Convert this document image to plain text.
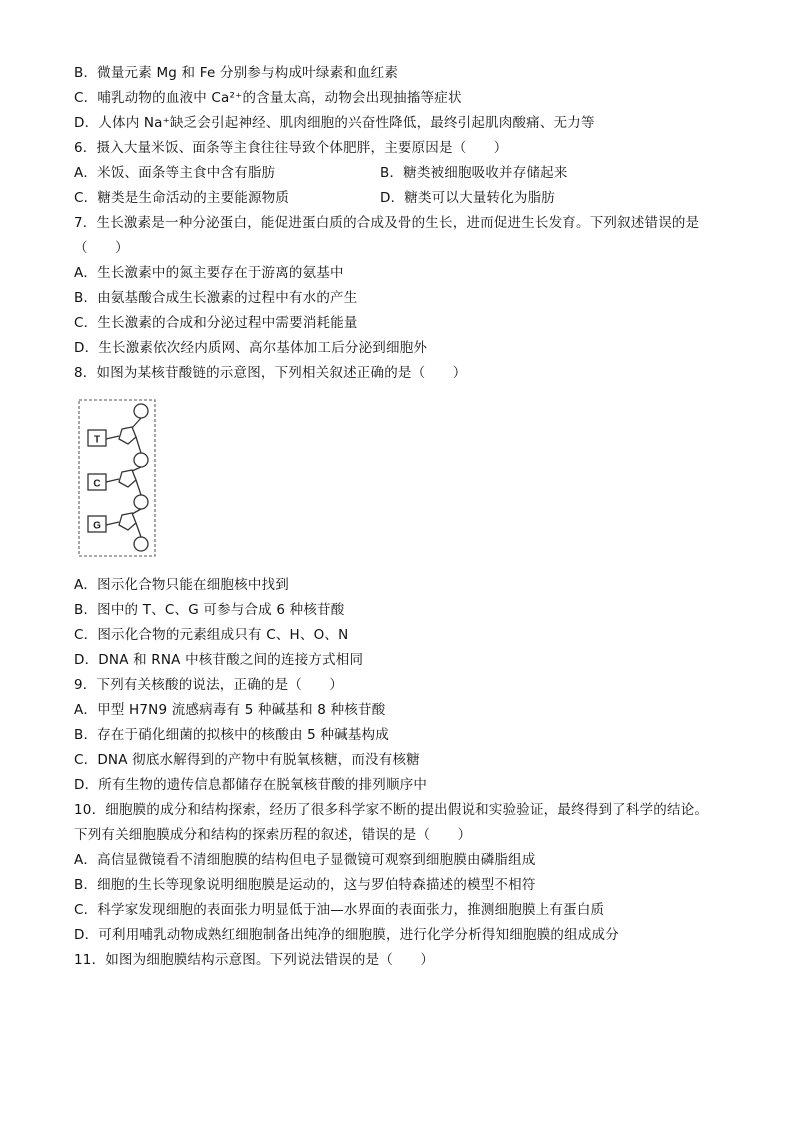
B．微量元素 Mg 和 Fe 分别参与构成叶绿素和血红素
C．哺乳动物的血液中 Ca²⁺的含量太高，动物会出现抽搐等症状
D．人体内 Na⁺缺乏会引起神经、肌肉细胞的兴奋性降低，最终引起肌肉酸痛、无力等
6．摄入大量米饭、面条等主食往往导致个体肥胖，主要原因是（　　）
A．米饭、面条等主食中含有脂肪	B．糖类被细胞吸收并存储起来
C．糖类是生命活动的主要能源物质	D．糖类可以大量转化为脂肪
7．生长激素是一种分泌蛋白，能促进蛋白质的合成及骨的生长，进而促进生长发育。下列叙述错误的是
（　　）
A．生长激素中的氮主要存在于游离的氨基中
B．由氨基酸合成生长激素的过程中有水的产生
C．生长激素的合成和分泌过程中需要消耗能量
D．生长激素依次经内质网、高尔基体加工后分泌到细胞外
8．如图为某核苷酸链的示意图，下列相关叙述正确的是（　　）
T
C
G
A．图示化合物只能在细胞核中找到
B．图中的 T、C、G 可参与合成 6 种核苷酸
C．图示化合物的元素组成只有 C、H、O、N
D．DNA 和 RNA 中核苷酸之间的连接方式相同
9．下列有关核酸的说法，正确的是（　　）
A．甲型 H7N9 流感病毒有 5 种碱基和 8 种核苷酸
B．存在于硝化细菌的拟核中的核酸由 5 种碱基构成
C．DNA 彻底水解得到的产物中有脱氧核糖，而没有核糖
D．所有生物的遗传信息都储存在脱氧核苷酸的排列顺序中
10．细胞膜的成分和结构探索，经历了很多科学家不断的提出假说和实验验证，最终得到了科学的结论。
下列有关细胞膜成分和结构的探索历程的叙述，错误的是（　　）
A．高信显微镜看不清细胞膜的结构但电子显微镜可观察到细胞膜由磷脂组成
B．细胞的生长等现象说明细胞膜是运动的，这与罗伯特森描述的模型不相符
C．科学家发现细胞的表面张力明显低于油—水界面的表面张力，推测细胞膜上有蛋白质
D．可利用哺乳动物成熟红细胞制备出纯净的细胞膜，进行化学分析得知细胞膜的组成成分
11．如图为细胞膜结构示意图。下列说法错误的是（　　）
